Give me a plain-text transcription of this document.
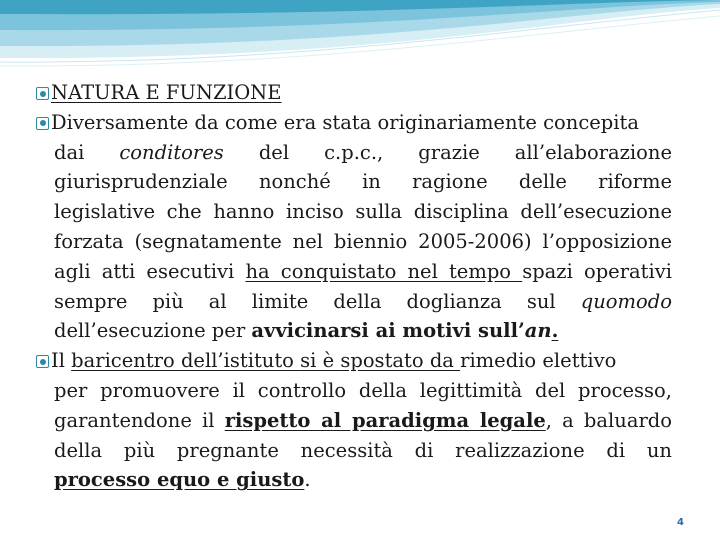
NATURA E FUNZIONE
Diversamente da come era stata originariamente concepita
dai conditores del c.p.c., grazie all’elaborazione
giurisprudenziale nonché in ragione delle riforme
legislative che hanno inciso sulla disciplina dell’esecuzione
forzata (segnatamente nel biennio 2005-2006) l’opposizione
agli atti esecutivi ha conquistato nel tempo spazi operativi
sempre più al limite della doglianza sul quomodo
dell’esecuzione per avvicinarsi ai motivi sull’an.
Il baricentro dell’istituto si è spostato da rimedio elettivo
per promuovere il controllo della legittimità del processo,
garantendone il rispetto al paradigma legale, a baluardo
della più pregnante necessità di realizzazione di un
processo equo e giusto.
4
